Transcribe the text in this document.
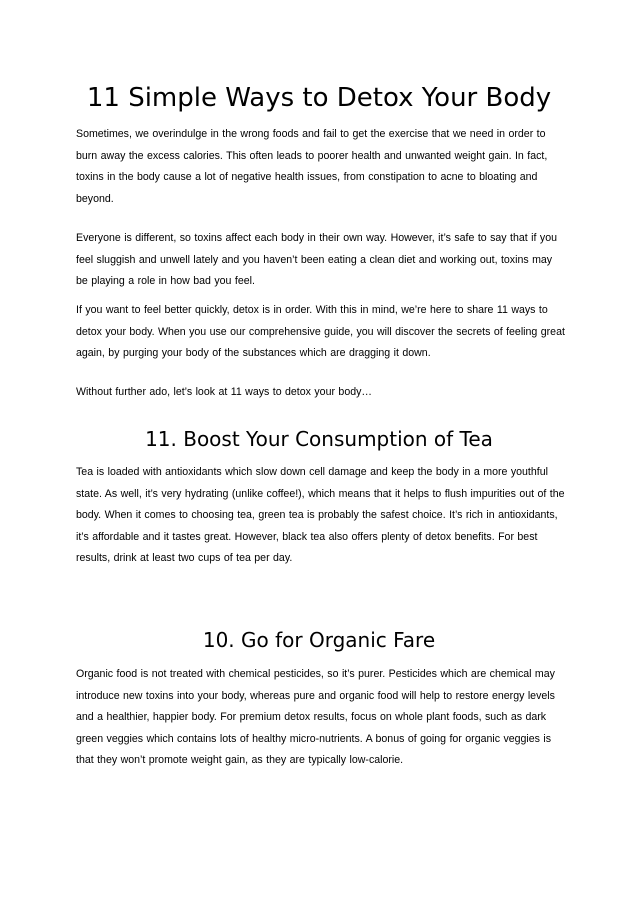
11 Simple Ways to Detox Your Body

Sometimes, we overindulge in the wrong foods and fail to get the exercise that we need in order to burn away the excess calories. This often leads to poorer health and unwanted weight gain. In fact, toxins in the body cause a lot of negative health issues, from constipation to acne to bloating and beyond.

Everyone is different, so toxins affect each body in their own way. However, it’s safe to say that if you feel sluggish and unwell lately and you haven’t been eating a clean diet and working out, toxins may be playing a role in how bad you feel.

If you want to feel better quickly, detox is in order. With this in mind, we’re here to share 11 ways to detox your body. When you use our comprehensive guide, you will discover the secrets of feeling great again, by purging your body of the substances which are dragging it down.

Without further ado, let’s look at 11 ways to detox your body…

11. Boost Your Consumption of Tea

Tea is loaded with antioxidants which slow down cell damage and keep the body in a more youthful state. As well, it’s very hydrating (unlike coffee!), which means that it helps to flush impurities out of the body. When it comes to choosing tea, green tea is probably the safest choice. It’s rich in antioxidants, it’s affordable and it tastes great. However, black tea also offers plenty of detox benefits. For best results, drink at least two cups of tea per day.

10. Go for Organic Fare

Organic food is not treated with chemical pesticides, so it’s purer. Pesticides which are chemical may introduce new toxins into your body, whereas pure and organic food will help to restore energy levels and a healthier, happier body. For premium detox results, focus on whole plant foods, such as dark green veggies which contains lots of healthy micro-nutrients. A bonus of going for organic veggies is that they won’t promote weight gain, as they are typically low-calorie.
